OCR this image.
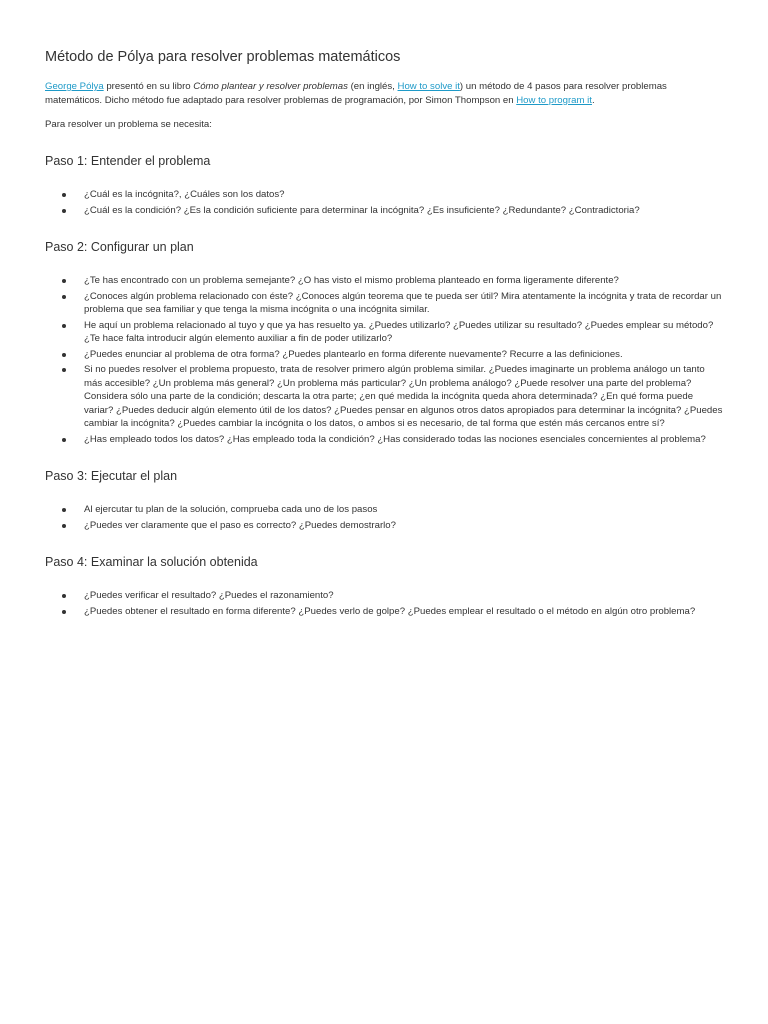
Método de Pólya para resolver problemas matemáticos

George Pólya presentó en su libro Cómo plantear y resolver problemas (en inglés, How to solve it) un método de 4 pasos para resolver problemas matemáticos. Dicho método fue adaptado para resolver problemas de programación, por Simon Thompson en How to program it.

Para resolver un problema se necesita:

Paso 1: Entender el problema
¿Cuál es la incógnita?, ¿Cuáles son los datos?
¿Cuál es la condición? ¿Es la condición suficiente para determinar la incógnita? ¿Es insuficiente? ¿Redundante? ¿Contradictoria?
Paso 2: Configurar un plan
¿Te has encontrado con un problema semejante? ¿O has visto el mismo problema planteado en forma ligeramente diferente?
¿Conoces algún problema relacionado con éste? ¿Conoces algún teorema que te pueda ser útil? Mira atentamente la incógnita y trata de recordar un problema que sea familiar y que tenga la misma incógnita o una incógnita similar.
He aquí un problema relacionado al tuyo y que ya has resuelto ya. ¿Puedes utilizarlo? ¿Puedes utilizar su resultado? ¿Puedes emplear su método? ¿Te hace falta introducir algún elemento auxiliar a fin de poder utilizarlo?
¿Puedes enunciar al problema de otra forma? ¿Puedes plantearlo en forma diferente nuevamente? Recurre a las definiciones.
Si no puedes resolver el problema propuesto, trata de resolver primero algún problema similar. ¿Puedes imaginarte un problema análogo un tanto más accesible? ¿Un problema más general? ¿Un problema más particular? ¿Un problema análogo? ¿Puede resolver una parte del problema? Considera sólo una parte de la condición; descarta la otra parte; ¿en qué medida la incógnita queda ahora determinada? ¿En qué forma puede variar? ¿Puedes deducir algún elemento útil de los datos? ¿Puedes pensar en algunos otros datos apropiados para determinar la incógnita? ¿Puedes cambiar la incógnita? ¿Puedes cambiar la incógnita o los datos, o ambos si es necesario, de tal forma que estén más cercanos entre sí?
¿Has empleado todos los datos? ¿Has empleado toda la condición? ¿Has considerado todas las nociones esenciales concernientes al problema?
Paso 3: Ejecutar el plan
Al ejercutar tu plan de la solución, comprueba cada uno de los pasos
¿Puedes ver claramente que el paso es correcto? ¿Puedes demostrarlo?
Paso 4: Examinar la solución obtenida
¿Puedes verificar el resultado? ¿Puedes el razonamiento?
¿Puedes obtener el resultado en forma diferente? ¿Puedes verlo de golpe? ¿Puedes emplear el resultado o el método en algún otro problema?
